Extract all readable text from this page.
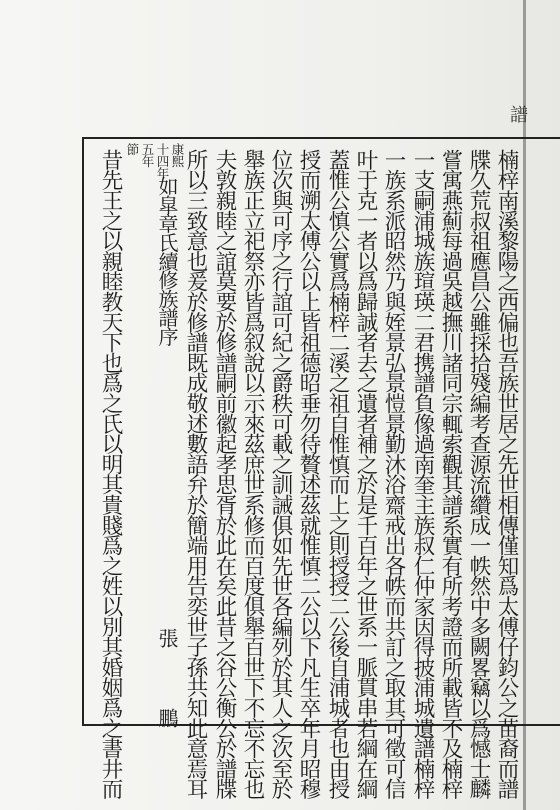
譜
楠梓南溪黎陽之西偏也吾族世居之先世相傳僅知爲太傅仔鈞公之苗裔而譜
牒久荒叔祖應昌公雖採拾殘編考查源流纘成一帙然中多闕畧竊以爲憾士麟
嘗寓燕薊每過吳越撫川諸同宗輒索觀其譜系實有所考證而所載皆不及楠梓
一支嗣浦城族瑄瑛二君携譜負像過南奎主族叔仁仲家因得披浦城遺譜楠梓
一族系派昭然乃與姪景弘景愷景勤沐浴齋戒出各帙而共訂之取其可徵可信
叶于克一者以爲歸誠者去之遺者補之於是千百年之世系一脈貫串若綱在綱
蓋惟公慎公實爲楠梓二溪之祖自惟慎而上之則授授二公後自浦城者也由授
授而溯太傅公以上皆祖德昭垂勿待贅述茲就惟慎二公以下凡生卒年月昭穆
位次與可序之行誼可紀之爵秩可載之訓誡俱如先世各編列於其人之次至於
舉族正立祀祭亦皆爲叙說以示來茲庶世系修而百度俱舉百世下不忘不忘也
夫敦親睦之誼莫要於修譜嗣前徽起孝思胥於此在矣此昔之谷公衡公於譜牒
所以三致意也爰於修譜既成敬述數語弁於簡端用告奕世子孫共知此意焉耳
如皐章氏續修族譜序
張 鵬
康熙
十四年
五年
節
昔先王之以親睦教天下也爲之氏以明其貴賤爲之姓以別其婚姻爲之書井而
